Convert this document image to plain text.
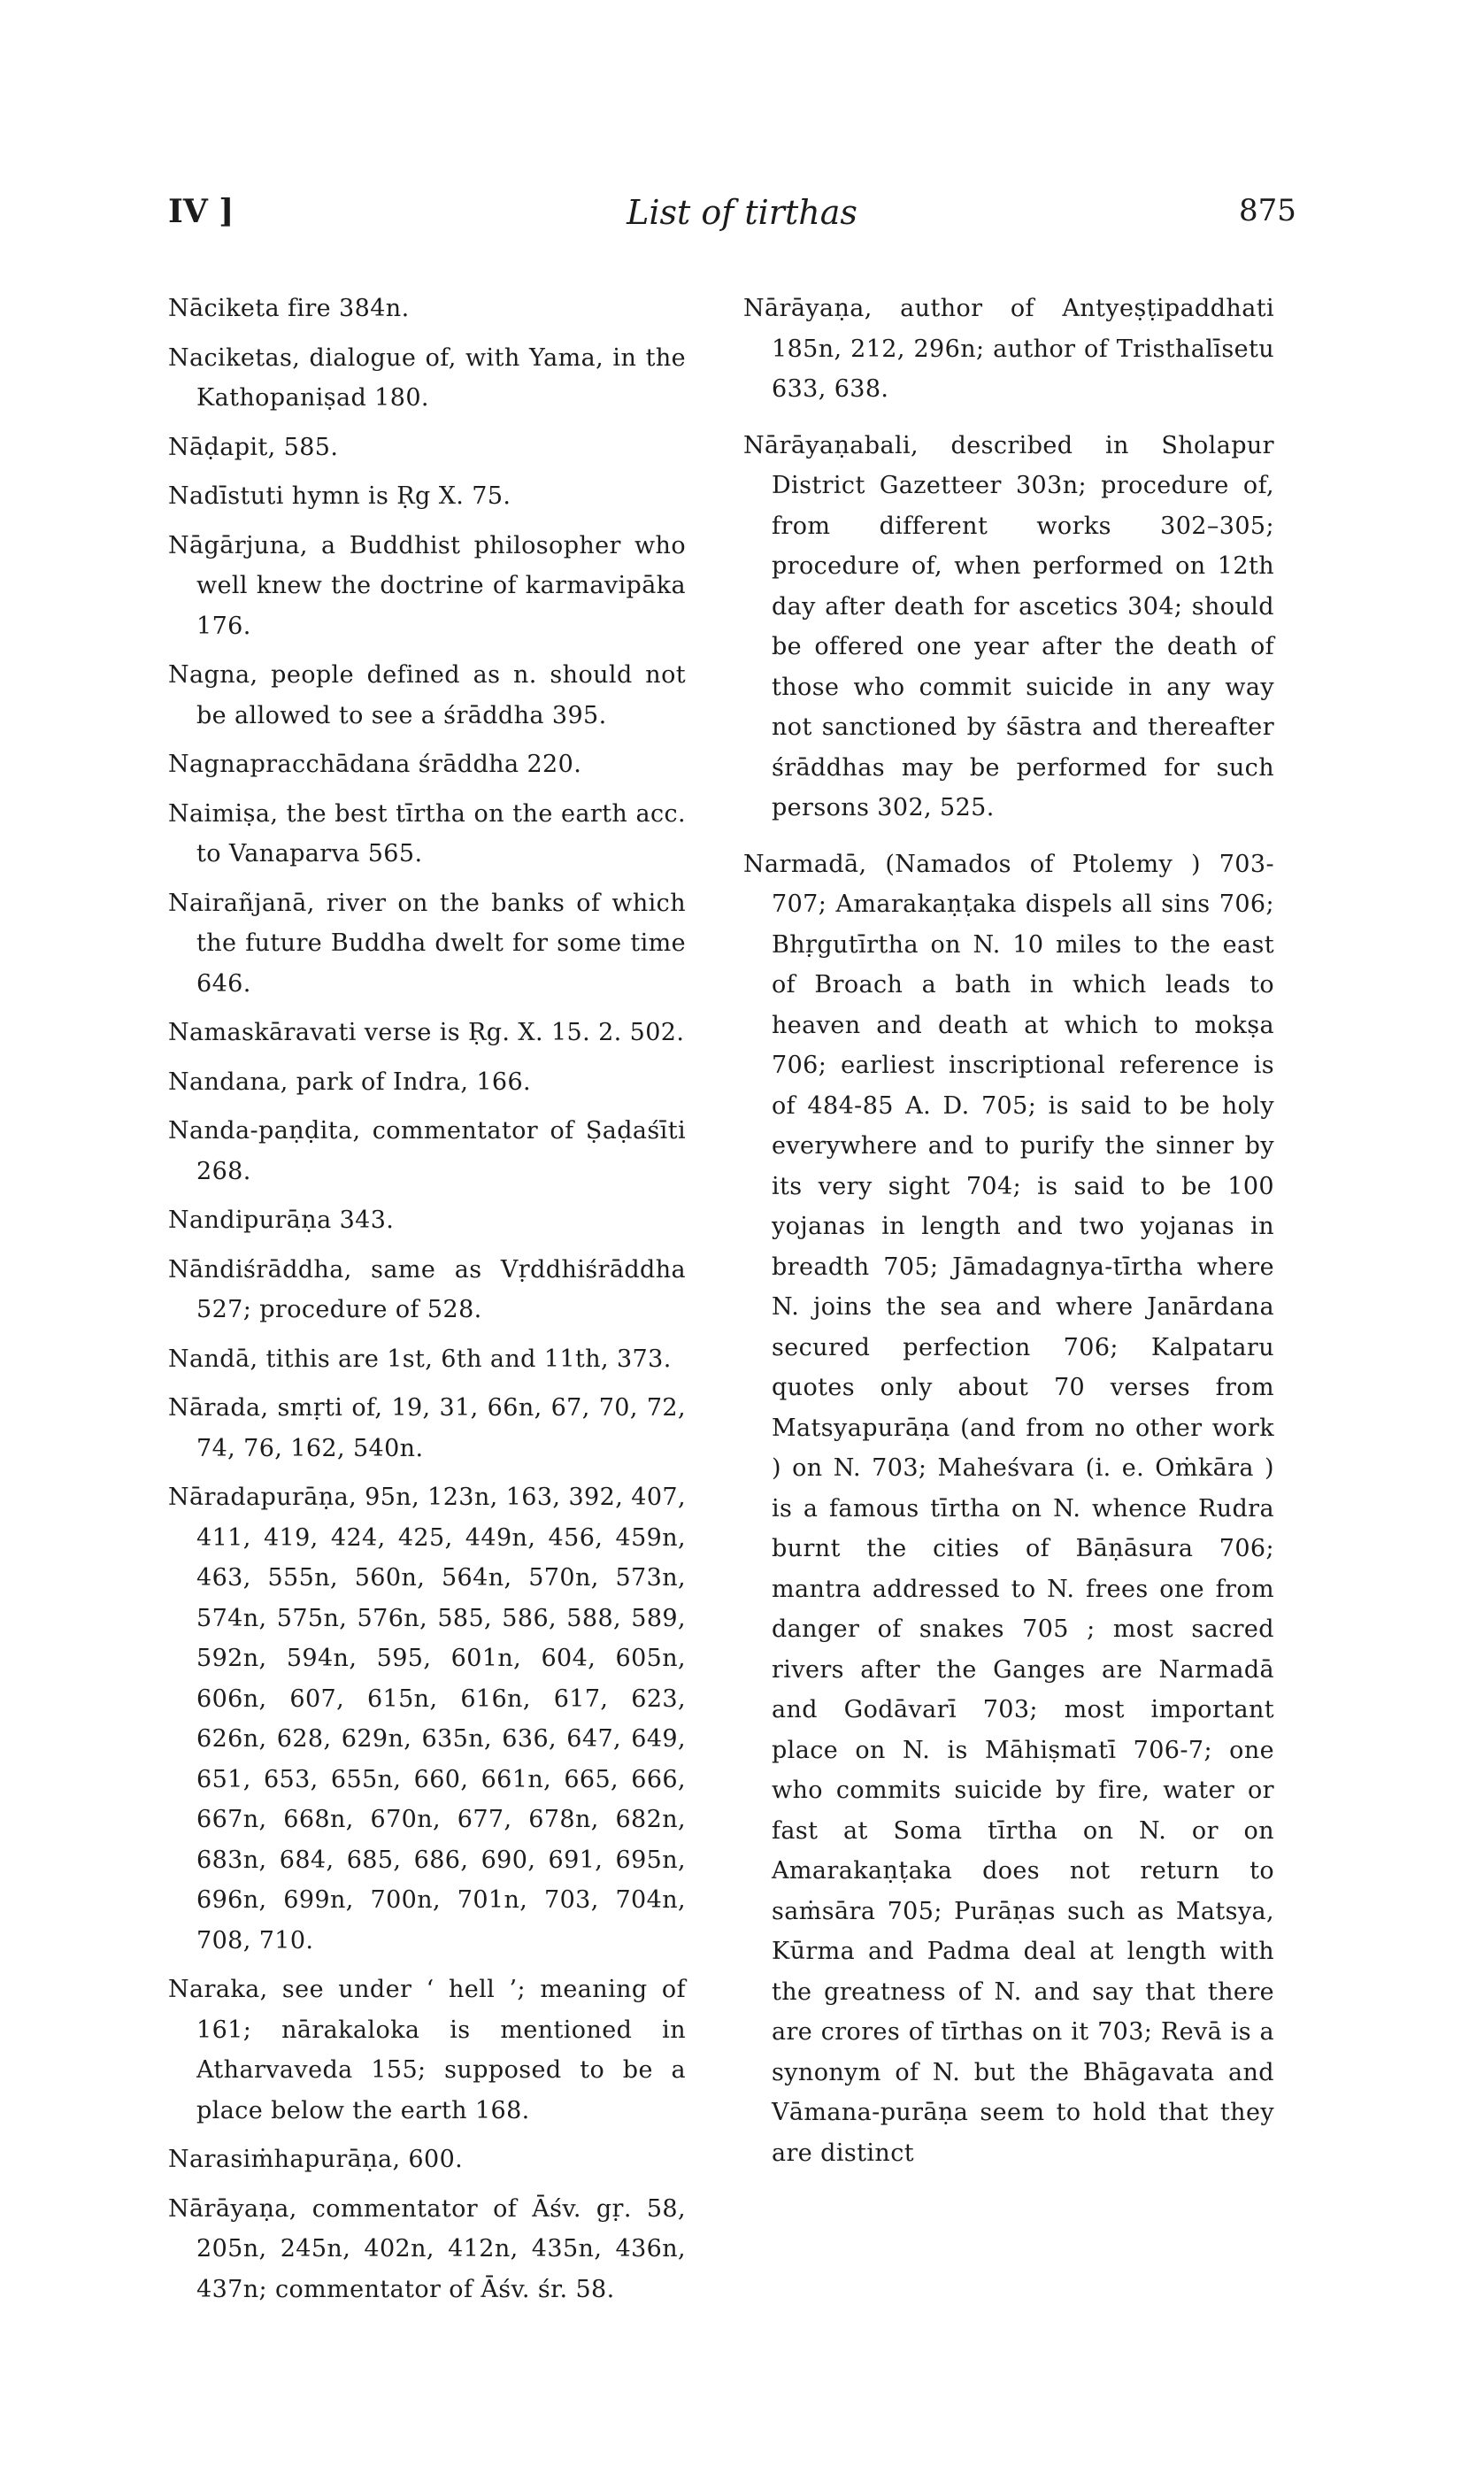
IV ]	List of tirthas	875

Nāciketa fire 384n.

Naciketas, dialogue of, with Yama, in the Kathopaniṣad 180.

Nāḍapit, 585.

Nadīstuti hymn is Ṛg X. 75.

Nāgārjuna, a Buddhist philosopher who well knew the doctrine of karmavipāka 176.

Nagna, people defined as n. should not be allowed to see a śrāddha 395.

Nagnapracchādana śrāddha 220.

Naimiṣa, the best tīrtha on the earth acc. to Vanaparva 565.

Nairañjanā, river on the banks of which the future Buddha dwelt for some time 646.

Namaskāravati verse is Ṛg. X. 15. 2. 502.

Nandana, park of Indra, 166.

Nanda-paṇḍita, commentator of Ṣaḍaśīti 268.

Nandipurāṇa 343.

Nāndiśrāddha, same as Vṛddhiśrāddha 527; procedure of 528.

Nandā, tithis are 1st, 6th and 11th, 373.

Nārada, smṛti of, 19, 31, 66n, 67, 70, 72, 74, 76, 162, 540n.

Nāradapurāṇa, 95n, 123n, 163, 392, 407, 411, 419, 424, 425, 449n, 456, 459n, 463, 555n, 560n, 564n, 570n, 573n, 574n, 575n, 576n, 585, 586, 588, 589, 592n, 594n, 595, 601n, 604, 605n, 606n, 607, 615n, 616n, 617, 623, 626n, 628, 629n, 635n, 636, 647, 649, 651, 653, 655n, 660, 661n, 665, 666, 667n, 668n, 670n, 677, 678n, 682n, 683n, 684, 685, 686, 690, 691, 695n, 696n, 699n, 700n, 701n, 703, 704n, 708, 710.

Naraka, see under ‘ hell ’; meaning of 161; nārakaloka is mentioned in Atharvaveda 155; supposed to be a place below the earth 168.

Narasiṁhapurāṇa, 600.

Nārāyaṇa, commentator of Āśv. gṛ. 58, 205n, 245n, 402n, 412n, 435n, 436n, 437n; commentator of Āśv. śr. 58.

Nārāyaṇa, author of Antyeṣṭipaddhati 185n, 212, 296n; author of Tristhalīsetu 633, 638.

Nārāyaṇabali, described in Sholapur District Gazetteer 303n; procedure of, from different works 302–305; procedure of, when performed on 12th day after death for ascetics 304; should be offered one year after the death of those who commit suicide in any way not sanctioned by śāstra and thereafter śrāddhas may be performed for such persons 302, 525.

Narmadā, (Namados of Ptolemy ) 703-707; Amarakaṇṭaka dispels all sins 706; Bhṛgutīrtha on N. 10 miles to the east of Broach a bath in which leads to heaven and death at which to mokṣa 706; earliest inscriptional reference is of 484-85 A. D. 705; is said to be holy everywhere and to purify the sinner by its very sight 704; is said to be 100 yojanas in length and two yojanas in breadth 705; Jāmadagnya-tīrtha where N. joins the sea and where Janārdana secured perfection 706; Kalpataru quotes only about 70 verses from Matsyapurāṇa (and from no other work ) on N. 703; Maheśvara (i. e. Oṁkāra ) is a famous tīrtha on N. whence Rudra burnt the cities of Bāṇāsura 706; mantra addressed to N. frees one from danger of snakes 705 ; most sacred rivers after the Ganges are Narmadā and Godāvarī 703; most important place on N. is Māhiṣmatī 706-7; one who commits suicide by fire, water or fast at Soma tīrtha on N. or on Amarakaṇṭaka does not return to saṁsāra 705; Purāṇas such as Matsya, Kūrma and Padma deal at length with the greatness of N. and say that there are crores of tīrthas on it 703; Revā is a synonym of N. but the Bhāgavata and Vāmana-purāṇa seem to hold that they are distinct
